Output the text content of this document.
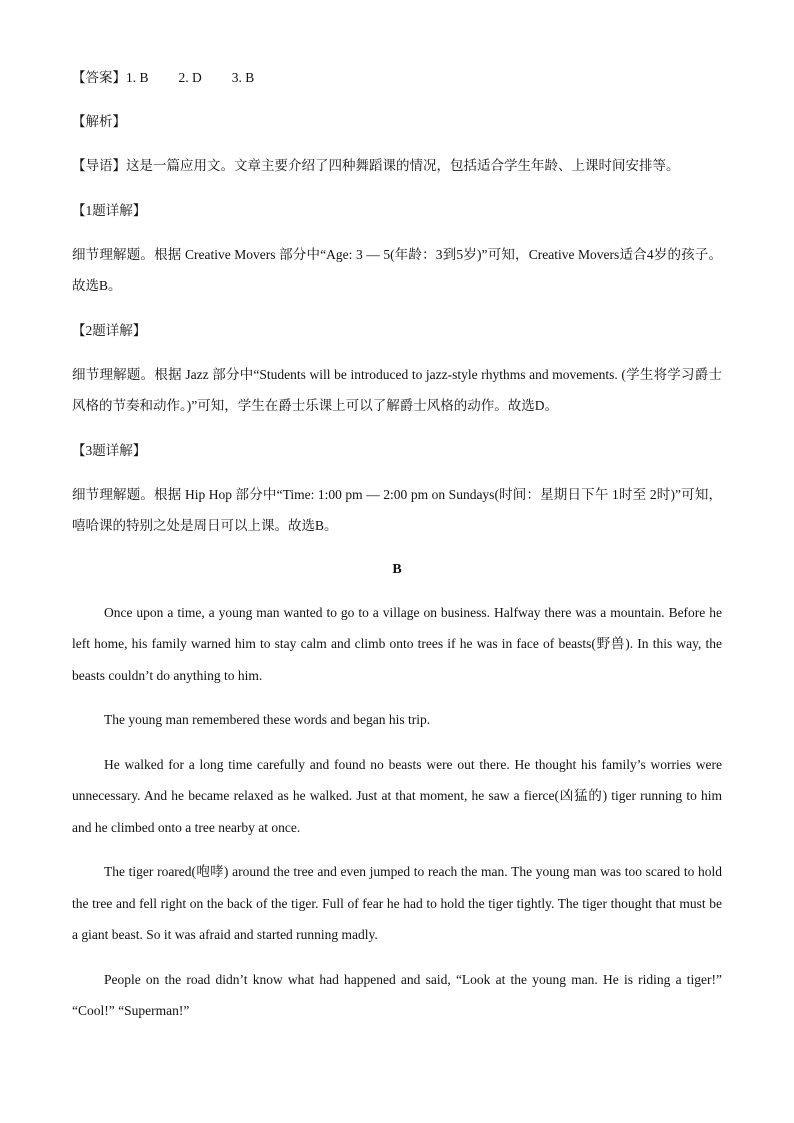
【答案】1. B 2. D 3. B

【解析】

【导语】这是一篇应用文。文章主要介绍了四种舞蹈课的情况，包括适合学生年龄、上课时间安排等。

【1题详解】

细节理解题。根据 Creative Movers 部分中“Age: 3 — 5(年龄：3到5岁)”可知，Creative Movers适合4岁的孩子。故选B。

【2题详解】

细节理解题。根据 Jazz 部分中“Students will be introduced to jazz-style rhythms and movements. (学生将学习爵士风格的节奏和动作。)”可知，学生在爵士乐课上可以了解爵士风格的动作。故选D。

【3题详解】

细节理解题。根据 Hip Hop 部分中“Time: 1:00 pm — 2:00 pm on Sundays(时间：星期日下午 1时至 2时)”可知，嘻哈课的特别之处是周日可以上课。故选B。

B

Once upon a time, a young man wanted to go to a village on business. Halfway there was a mountain. Before he left home, his family warned him to stay calm and climb onto trees if he was in face of beasts(野兽). In this way, the beasts couldn’t do anything to him.

The young man remembered these words and began his trip.

He walked for a long time carefully and found no beasts were out there. He thought his family’s worries were unnecessary. And he became relaxed as he walked. Just at that moment, he saw a fierce(凶猛的) tiger running to him and he climbed onto a tree nearby at once.

The tiger roared(咆哮) around the tree and even jumped to reach the man. The young man was too scared to hold the tree and fell right on the back of the tiger. Full of fear he had to hold the tiger tightly. The tiger thought that must be a giant beast. So it was afraid and started running madly.

People on the road didn’t know what had happened and said, “Look at the young man. He is riding a tiger!” “Cool!” “Superman!”
